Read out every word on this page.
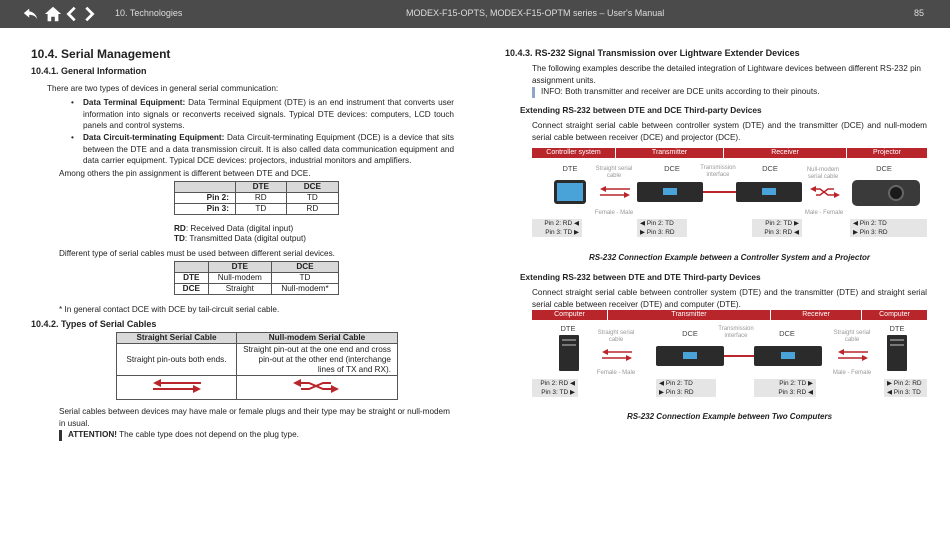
10. Technologies	MODEX-F15-OPTS, MODEX-F15-OPTM series – User's Manual	85
10.4. Serial Management
10.4.1. General Information
There are two types of devices in general serial communication:
• Data Terminal Equipment: Data Terminal Equipment (DTE) is an end instrument that converts user information into signals or reconverts received signals. Typical DTE devices: computers, LCD touch panels and control systems.
• Data Circuit-terminating Equipment: Data Circuit-terminating Equipment (DCE) is a device that sits between the DTE and a data transmission circuit. It is also called data communication equipment and data carrier equipment. Typical DCE devices: projectors, industrial monitors and amplifiers.
Among others the pin assignment is different between DTE and DCE.
	DTE	DCE
Pin 2:	RD	TD
Pin 3:	TD	RD
RD: Received Data (digital input)
TD: Transmitted Data (digital output)
Different type of serial cables must be used between different serial devices.
	DTE	DCE
DTE	Null-modem	TD
DCE	Straight	Null-modem*
* In general contact DCE with DCE by tail-circuit serial cable.
10.4.2. Types of Serial Cables
Straight Serial Cable	Null-modem Serial Cable
Straight pin-outs both ends.	Straight pin-out at the one end and cross pin-out at the other end (interchange lines of TX and RX).

Serial cables between devices may have male or female plugs and their type may be straight or null-modem in usual.
ATTENTION! The cable type does not depend on the plug type.
10.4.3. RS-232 Signal Transmission over Lightware Extender Devices
The following examples describe the detailed integration of Lightware devices between different RS-232 pin assignment units.
INFO: Both transmitter and receiver are DCE units according to their pinouts.
Extending RS-232 between DTE and DCE Third-party Devices
Connect straight serial cable between controller system (DTE) and the transmitter (DCE) and null-modem serial cable between receiver (DCE) and projector (DCE).
Controller system	Transmitter	Receiver	Projector
DTE	DCE	DCE	DCE
Straight serial cable
Female - Male
Transmission interface
Null-modem serial cable
Male - Female
Pin 2: RD ◀
Pin 3: TD ▶
◀ Pin 2: TD
▶ Pin 3: RD
Pin 2: TD ▶
Pin 3: RD ◀
◀ Pin 2: TD
▶ Pin 3: RD
RS-232 Connection Example between a Controller System and a Projector
Extending RS-232 between DTE and DTE Third-party Devices
Connect straight serial cable between controller system (DTE) and the transmitter (DTE) and straight serial serial cable between receiver (DTE) and computer (DTE).
Computer	Transmitter	Receiver	Computer
DTE
DCE	DCE
DTE
Straight serial cable
Female - Male
Transmission interface
Straight serial cable
Male - Female
Pin 2: RD ◀
Pin 3: TD ▶
◀ Pin 2: TD
▶ Pin 3: RD
Pin 2: TD ▶
Pin 3: RD ◀
▶ Pin 2: RD
◀ Pin 3: TD
RS-232 Connection Example between Two Computers
